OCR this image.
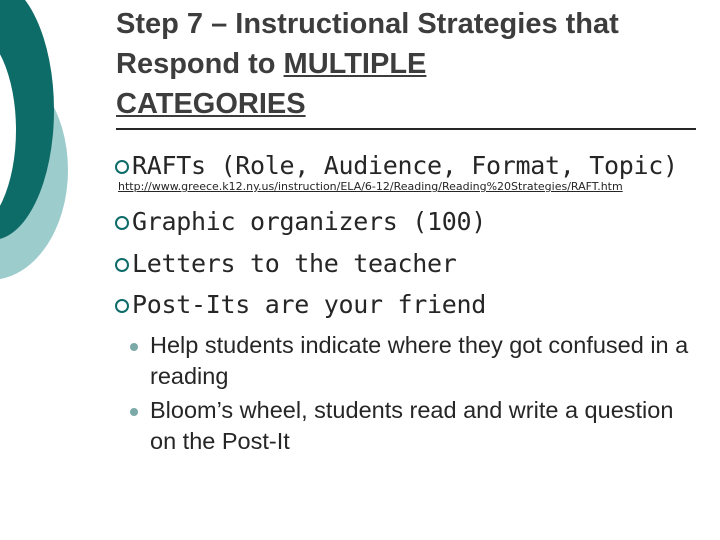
Step 7 – Instructional Strategies that
Respond to MULTIPLE
CATEGORIES
RAFTs (Role, Audience, Format, Topic)
http://www.greece.k12.ny.us/instruction/ELA/6-12/Reading/Reading%20Strategies/RAFT.htm
Graphic organizers (100)
Letters to the teacher
Post-Its are your friend
Help students indicate where they got confused in a reading
Bloom’s wheel, students read and write a question on the Post-It
